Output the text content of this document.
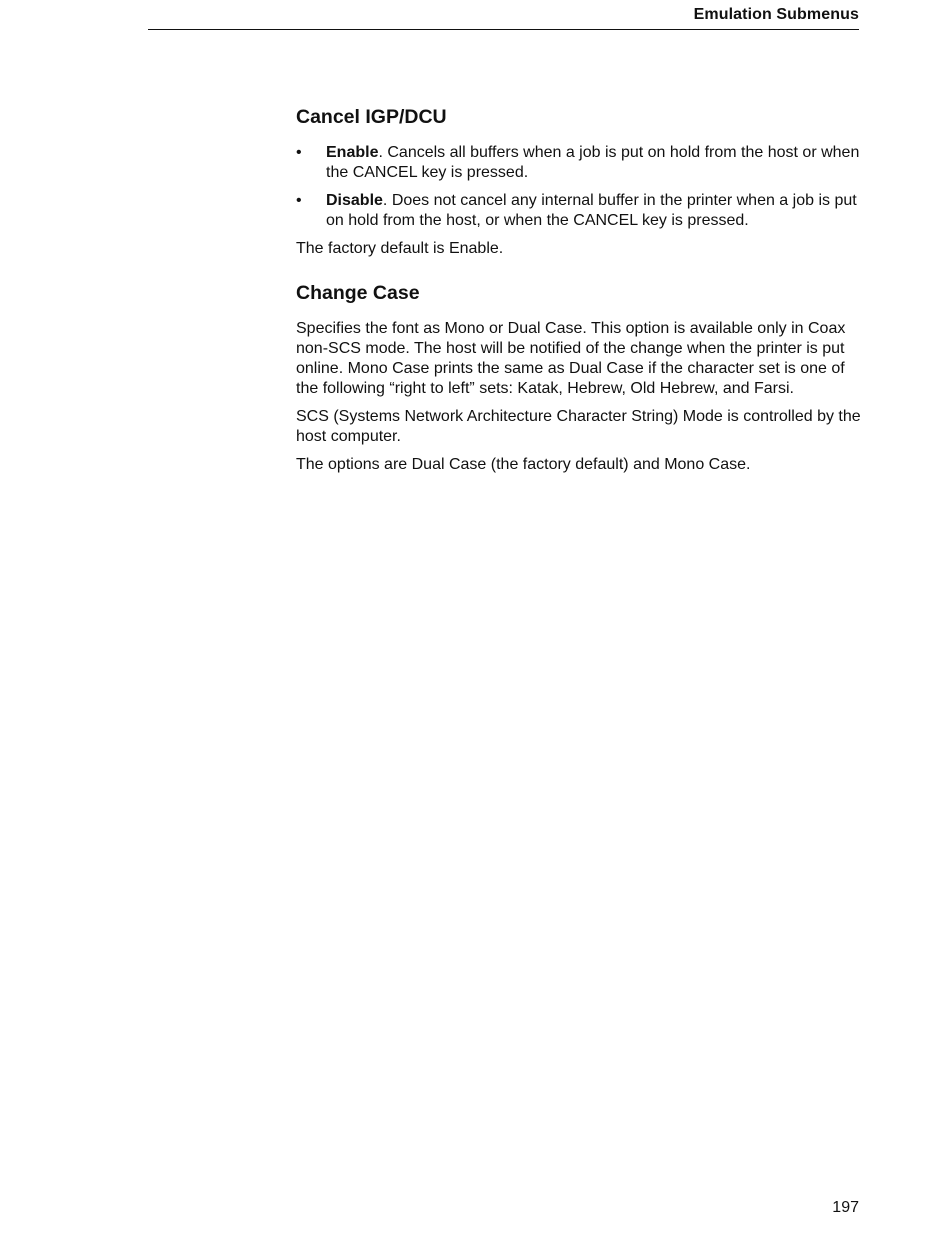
Emulation Submenus
Cancel IGP/DCU
• Enable. Cancels all buffers when a job is put on hold from the host or when the CANCEL key is pressed.
• Disable. Does not cancel any internal buffer in the printer when a job is put on hold from the host, or when the CANCEL key is pressed.

The factory default is Enable.

Change Case

Specifies the font as Mono or Dual Case. This option is available only in Coax non-SCS mode. The host will be notified of the change when the printer is put online. Mono Case prints the same as Dual Case if the character set is one of the following “right to left” sets: Katak, Hebrew, Old Hebrew, and Farsi.

SCS (Systems Network Architecture Character String) Mode is controlled by the host computer.

The options are Dual Case (the factory default) and Mono Case.

197
